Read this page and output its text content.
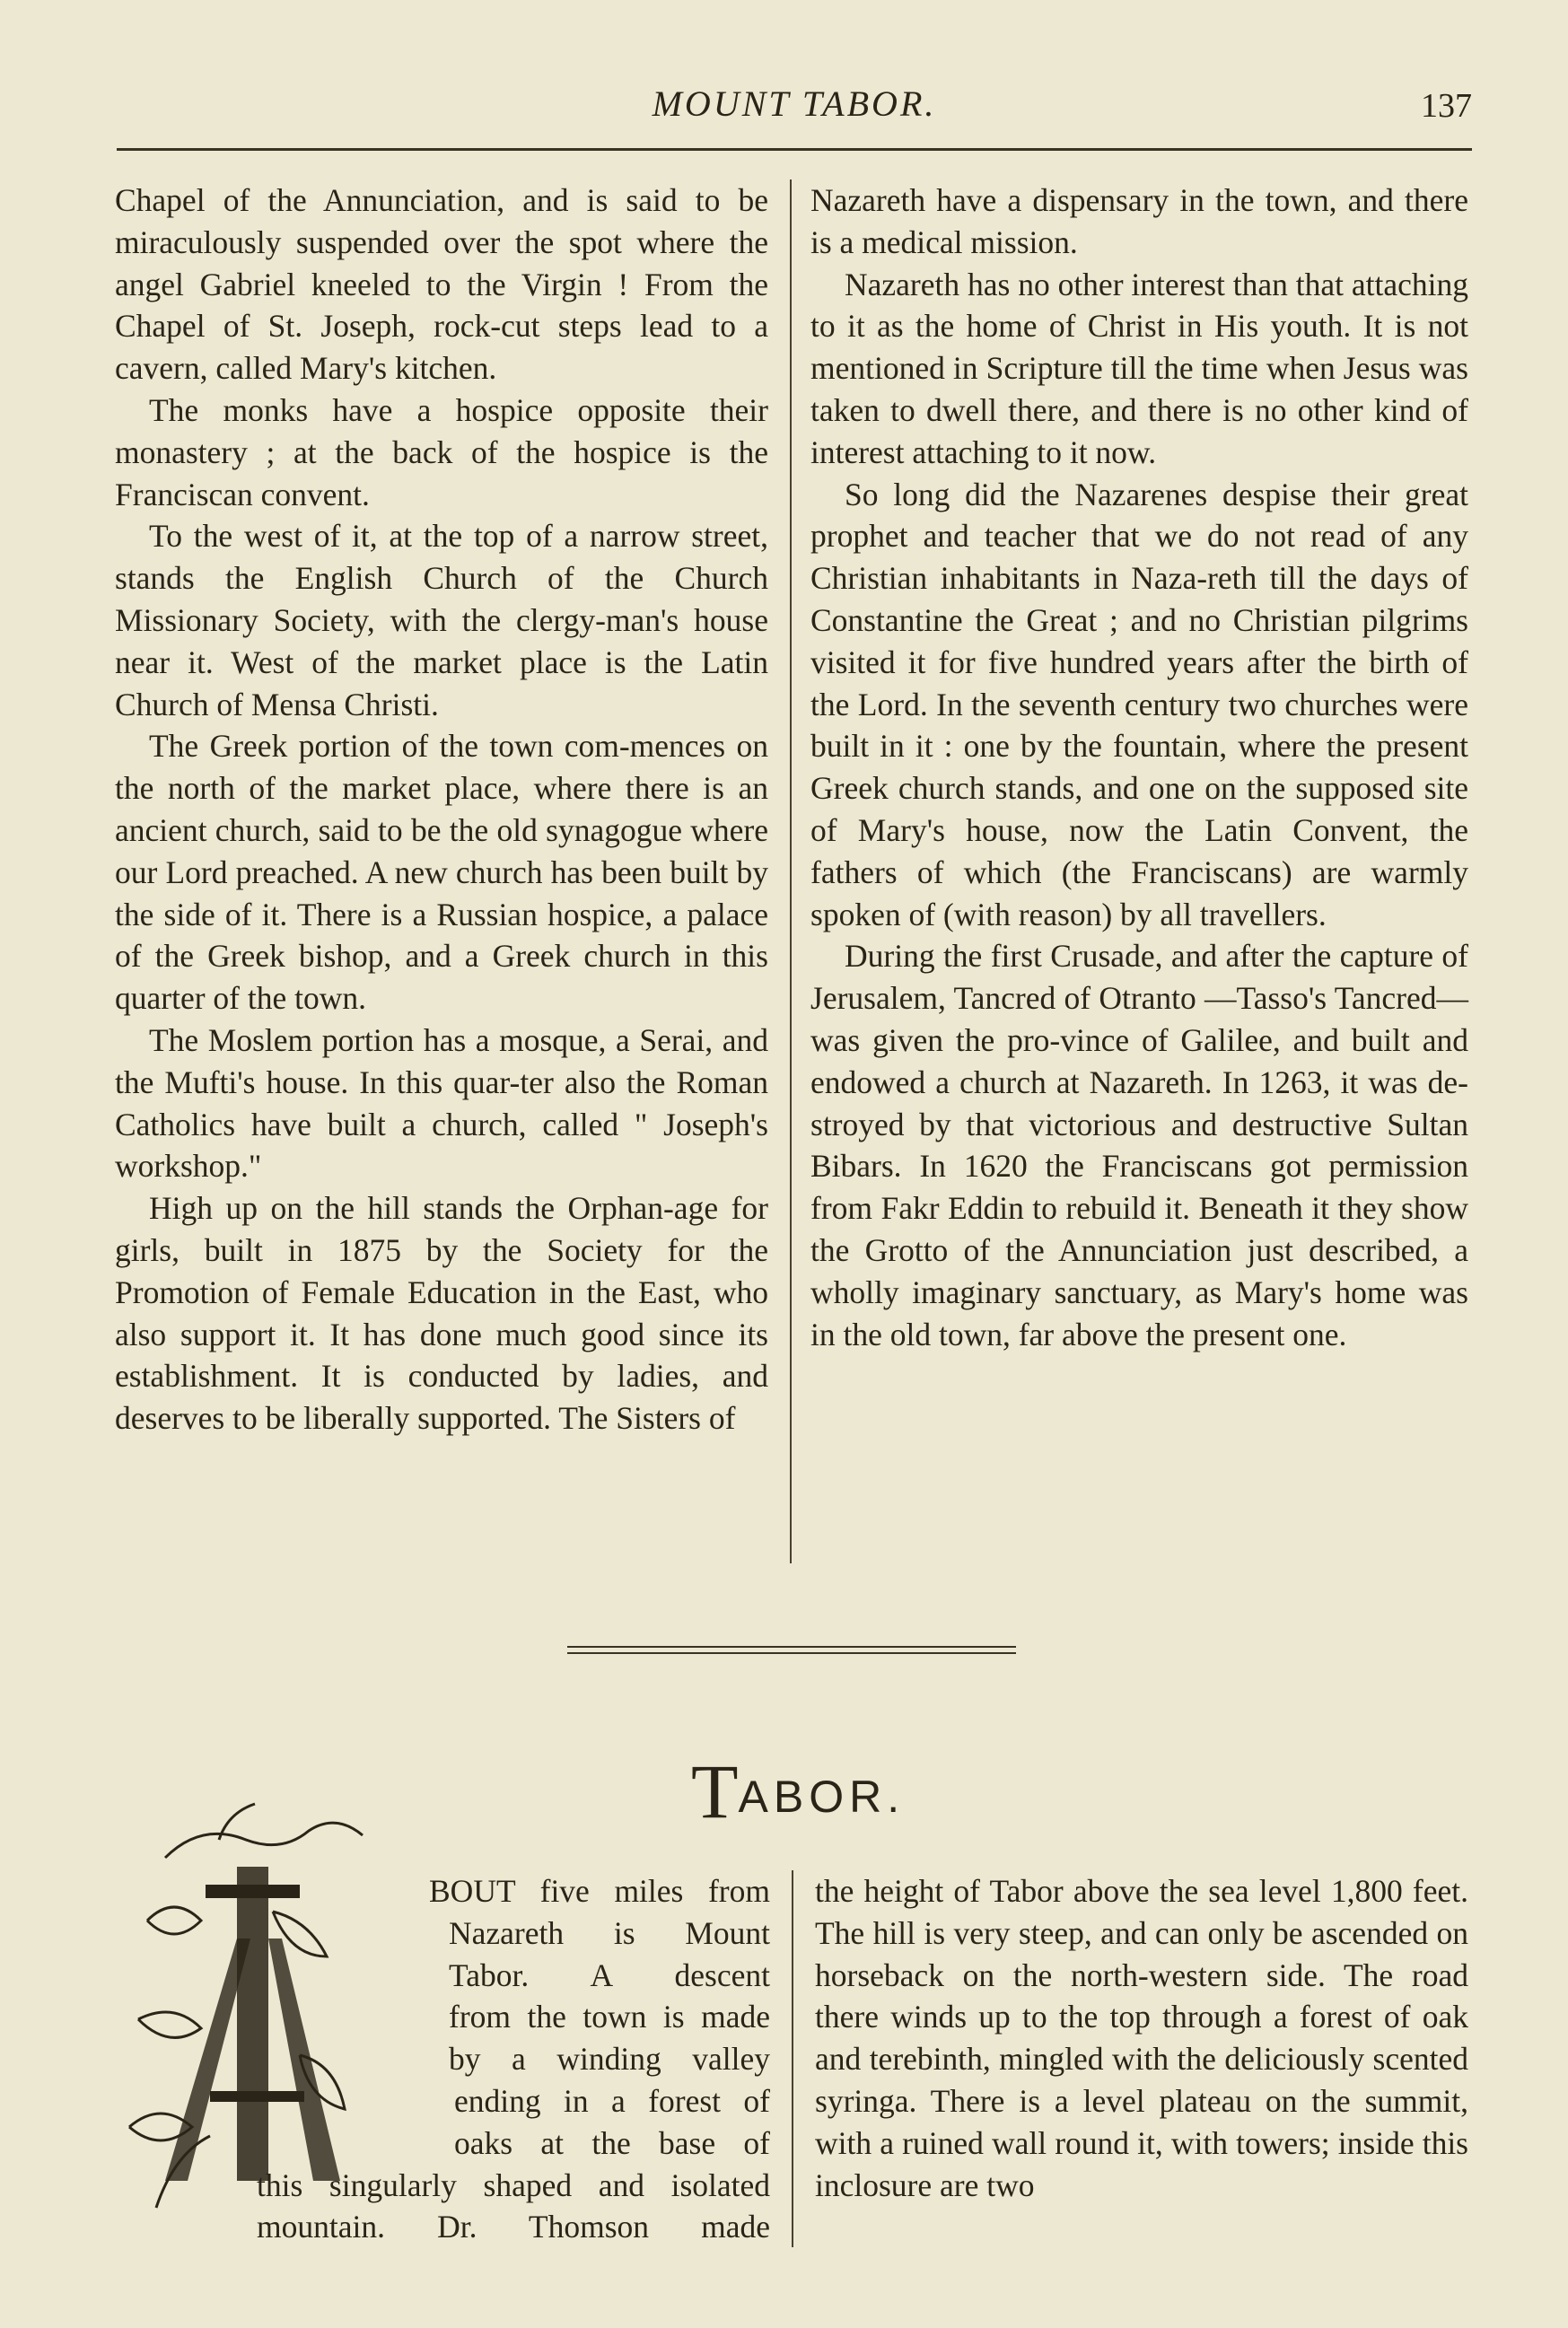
MOUNT TABOR.	137

Chapel of the Annunciation, and is said to be miraculously suspended over the spot where the angel Gabriel kneeled to the Virgin ! From the Chapel of St. Joseph, rock-cut steps lead to a cavern, called Mary's kitchen.

The monks have a hospice opposite their monastery ; at the back of the hospice is the Franciscan convent.

To the west of it, at the top of a narrow street, stands the English Church of the Church Missionary Society, with the clergy-man's house near it. West of the market place is the Latin Church of Mensa Christi.

The Greek portion of the town com-mences on the north of the market place, where there is an ancient church, said to be the old synagogue where our Lord preached. A new church has been built by the side of it. There is a Russian hospice, a palace of the Greek bishop, and a Greek church in this quarter of the town.

The Moslem portion has a mosque, a Serai, and the Mufti's house. In this quar-ter also the Roman Catholics have built a church, called " Joseph's workshop."

High up on the hill stands the Orphan-age for girls, built in 1875 by the Society for the Promotion of Female Education in the East, who also support it. It has done much good since its establishment. It is conducted by ladies, and deserves to be liberally supported. The Sisters of

Nazareth have a dispensary in the town, and there is a medical mission.

Nazareth has no other interest than that attaching to it as the home of Christ in His youth. It is not mentioned in Scripture till the time when Jesus was taken to dwell there, and there is no other kind of interest attaching to it now.

So long did the Nazarenes despise their great prophet and teacher that we do not read of any Christian inhabitants in Naza-reth till the days of Constantine the Great ; and no Christian pilgrims visited it for five hundred years after the birth of the Lord. In the seventh century two churches were built in it : one by the fountain, where the present Greek church stands, and one on the supposed site of Mary's house, now the Latin Convent, the fathers of which (the Franciscans) are warmly spoken of (with reason) by all travellers.

During the first Crusade, and after the capture of Jerusalem, Tancred of Otranto —Tasso's Tancred—was given the pro-vince of Galilee, and built and endowed a church at Nazareth. In 1263, it was de-stroyed by that victorious and destructive Sultan Bibars. In 1620 the Franciscans got permission from Fakr Eddin to rebuild it. Beneath it they show the Grotto of the Annunciation just described, a wholly imaginary sanctuary, as Mary's home was in the old town, far above the present one.

TABOR.
BOUT five miles from
Nazareth is Mount
Tabor. A descent
from the town is made
by a winding valley
ending in a forest of
oaks at the base of
this singularly shaped and isolated
mountain. Dr. Thomson made

the height of Tabor above the sea level 1,800 feet. The hill is very steep, and can only be ascended on horseback on the north-western side. The road there winds up to the top through a forest of oak and terebinth, mingled with the deliciously scented syringa. There is a level plateau on the summit, with a ruined wall round it, with towers; inside this inclosure are two
